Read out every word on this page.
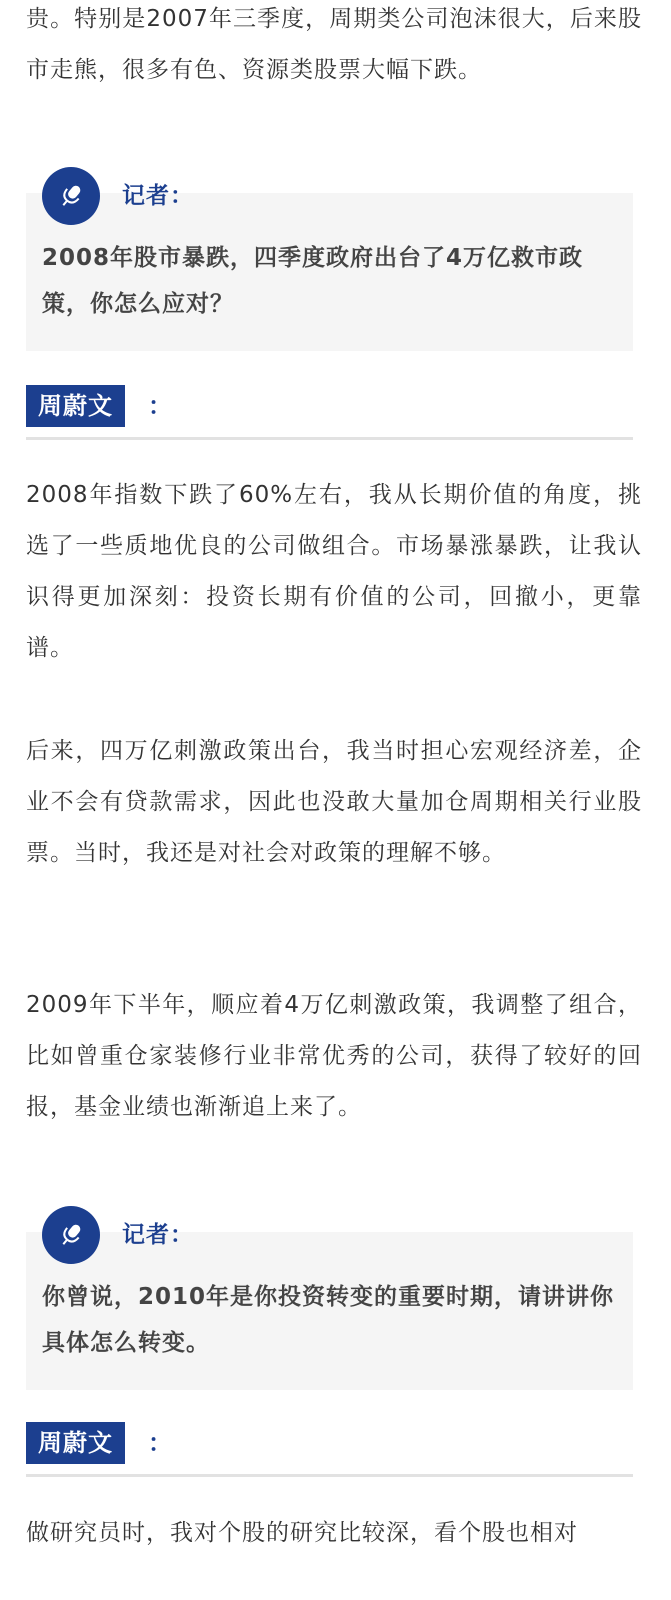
贵。特别是2007年三季度，周期类公司泡沫很大，后来股市走熊，很多有色、资源类股票大幅下跌。

记者：

2008年股市暴跌，四季度政府出台了4万亿救市政策，你怎么应对？

周蔚文	：

2008年指数下跌了60%左右，我从长期价值的角度，挑选了一些质地优良的公司做组合。市场暴涨暴跌，让我认识得更加深刻：投资长期有价值的公司，回撤小，更靠谱。

后来，四万亿刺激政策出台，我当时担心宏观经济差，企业不会有贷款需求，因此也没敢大量加仓周期相关行业股票。当时，我还是对社会对政策的理解不够。

2009年下半年，顺应着4万亿刺激政策，我调整了组合，比如曾重仓家装修行业非常优秀的公司，获得了较好的回报，基金业绩也渐渐追上来了。

记者：

你曾说，2010年是你投资转变的重要时期，请讲讲你具体怎么转变。

周蔚文	：

做研究员时，我对个股的研究比较深，看个股也相对
